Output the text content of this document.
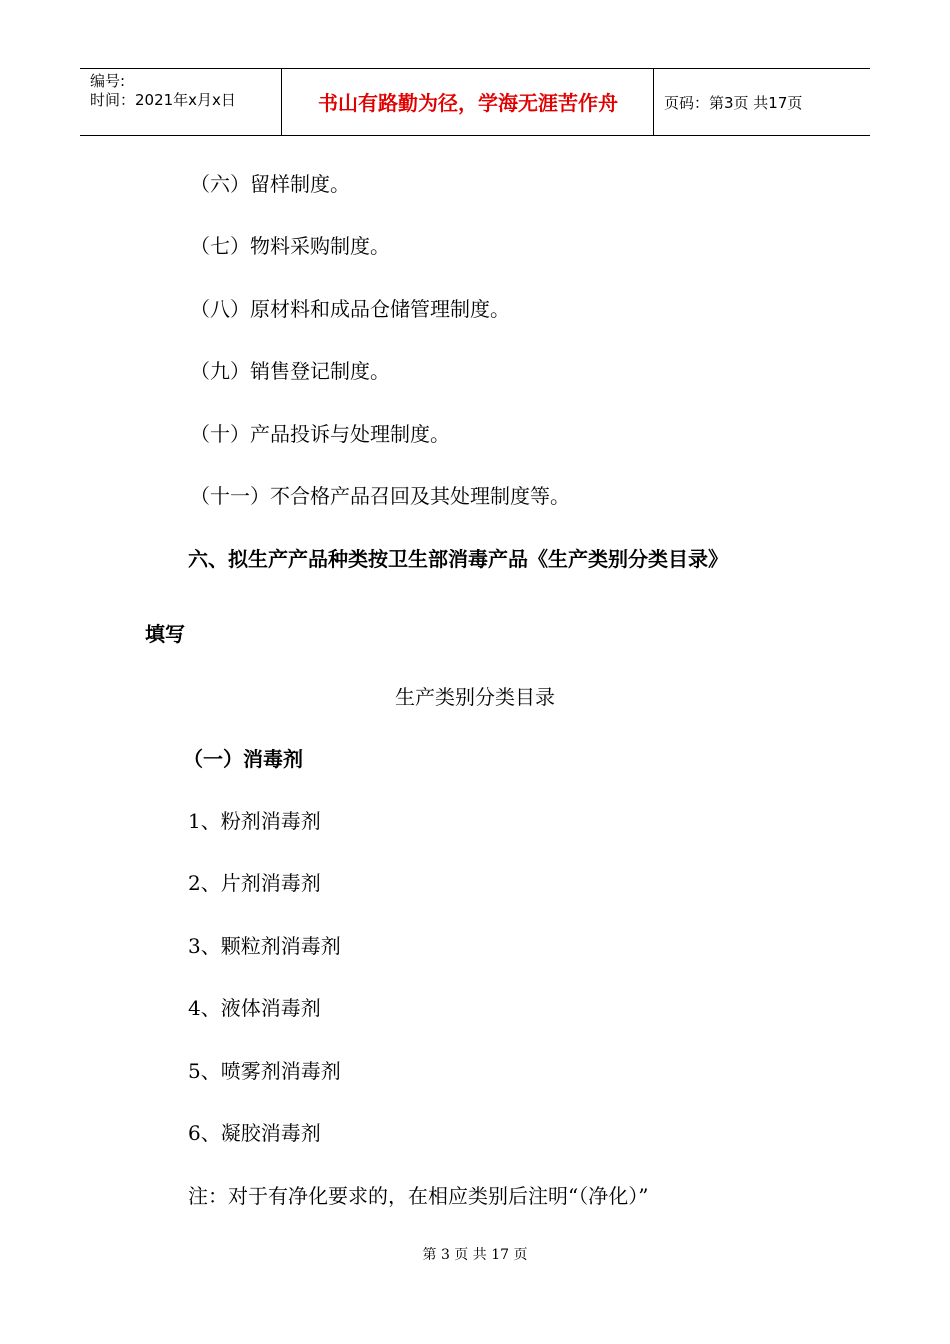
编号:
时间：2021年x月x日	书山有路勤为径，学海无涯苦作舟	页码：第3页 共17页
（六）留样制度。
（七）物料采购制度。
（八）原材料和成品仓储管理制度。
（九）销售登记制度。
（十）产品投诉与处理制度。
（十一）不合格产品召回及其处理制度等。
六、拟生产产品种类按卫生部消毒产品《生产类别分类目录》
填写
生产类别分类目录
（一）消毒剂
1、粉剂消毒剂
2、片剂消毒剂
3、颗粒剂消毒剂
4、液体消毒剂
5、喷雾剂消毒剂
6、凝胶消毒剂
注：对于有净化要求的，在相应类别后注明“（净化）”
第 3 页 共 17 页
